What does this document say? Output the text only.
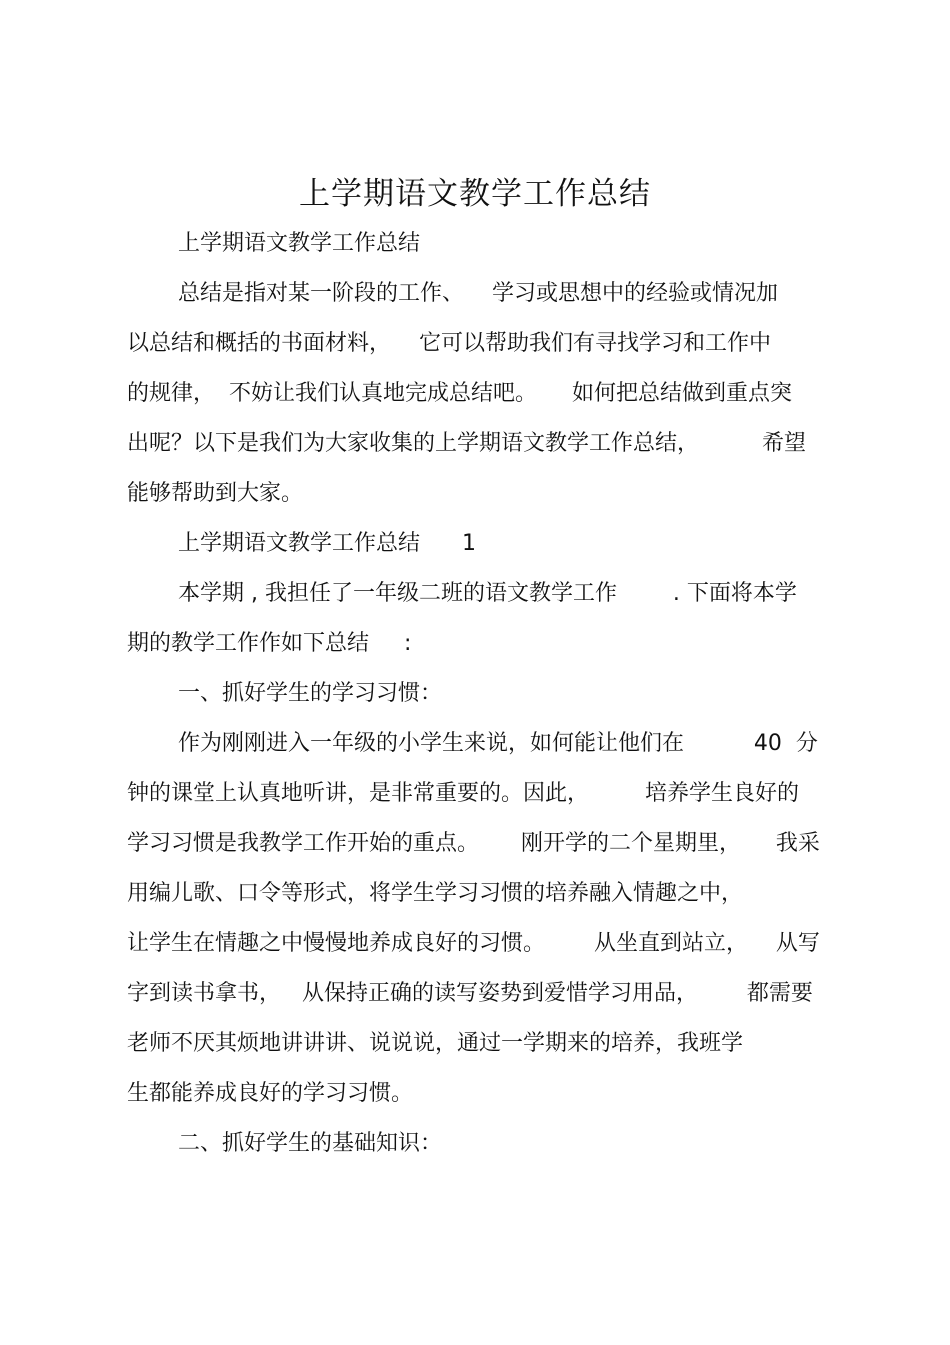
上学期语文教学工作总结
上学期语文教学工作总结
总结是指对某一阶段的工作、    学习或思想中的经验或情况加
以总结和概括的书面材料，    它可以帮助我们有寻找学习和工作中
的规律，  不妨让我们认真地完成总结吧。     如何把总结做到重点突
出呢？以下是我们为大家收集的上学期语文教学工作总结，         希望
能够帮助到大家。
上学期语文教学工作总结      1
本学期 , 我担任了一年级二班的语文教学工作        . 下面将本学
期的教学工作作如下总结     :
一、抓好学生的学习习惯：
作为刚刚进入一年级的小学生来说，如何能让他们在          40  分
钟的课堂上认真地听讲，是非常重要的。因此，        培养学生良好的
学习习惯是我教学工作开始的重点。      刚开学的二个星期里，     我采
用编儿歌、口令等形式，将学生学习习惯的培养融入情趣之中，
让学生在情趣之中慢慢地养成良好的习惯。       从坐直到站立，    从写
字到读书拿书，   从保持正确的读写姿势到爱惜学习用品，       都需要
老师不厌其烦地讲讲讲、说说说，通过一学期来的培养，我班学
生都能养成良好的学习习惯。
二、抓好学生的基础知识：
